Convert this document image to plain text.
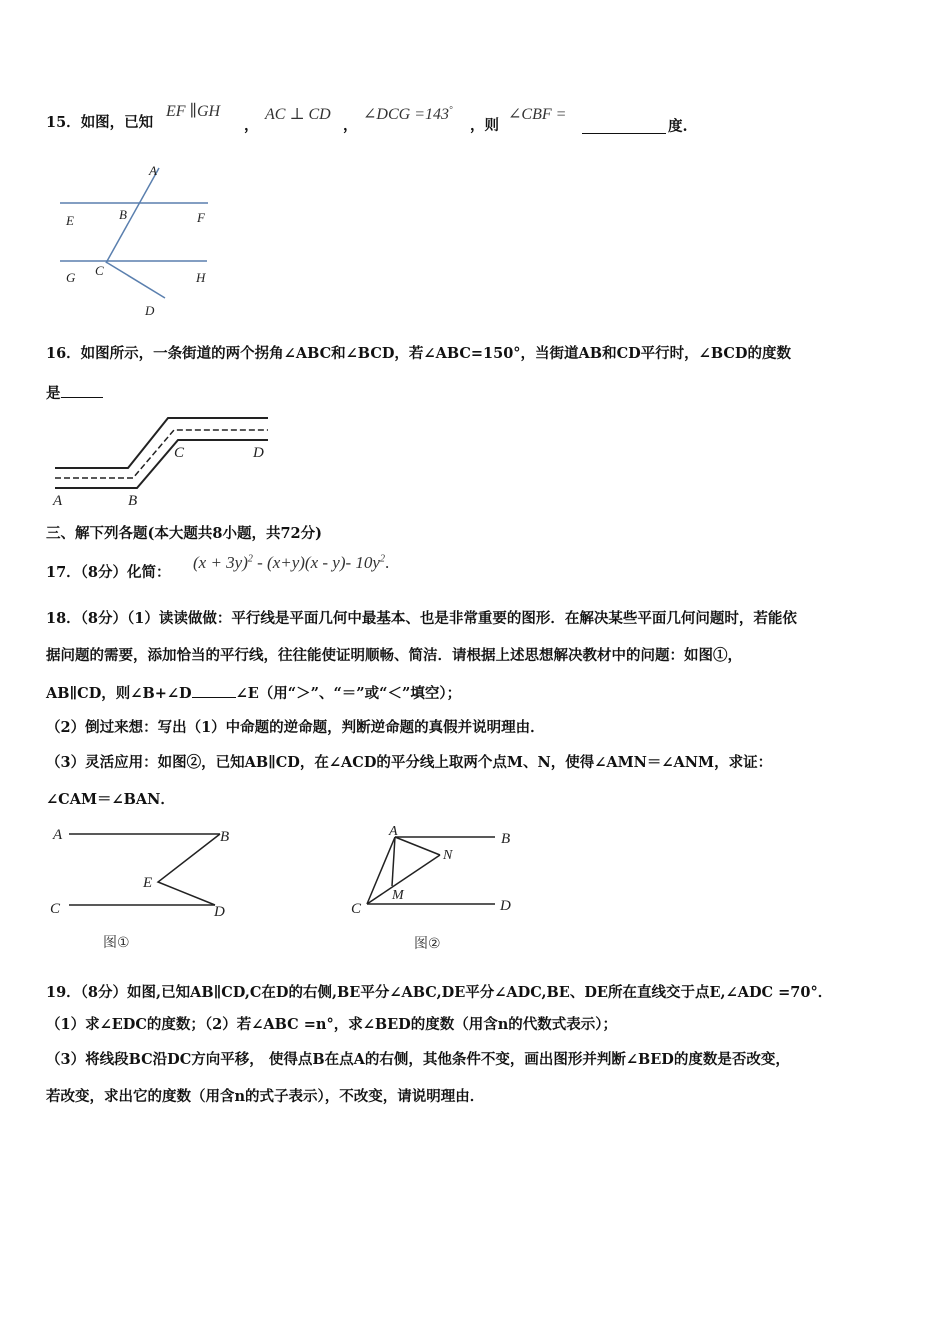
15．如图，已知
EF ∥GH
，
AC ⊥ CD
，
∠DCG =143°
，则
∠CBF =
度.
A
B
C
D
E	F
G	H
16．如图所示，一条街道的两个拐角∠ABC和∠BCD，若∠ABC=150°，当街道AB和CD平行时，∠BCD的度数
是
A	B
C	D
三、解下列各题(本大题共8小题，共72分)
17．（8分）化简：
$(x + 3y)^2 - (x+y)(x - y)-$ $10y^2$.
18．（8分）（1）读读做做：平行线是平面几何中最基本、也是非常重要的图形．在解决某些平面几何问题时，若能依
据问题的需要，添加恰当的平行线，往往能使证明顺畅、简洁．请根据上述思想解决教材中的问题：如图①，
AB∥CD，则∠B+∠D	∠E（用“＞”、“＝”或“＜”填空）；
（2）倒过来想：写出（1）中命题的逆命题，判断逆命题的真假并说明理由．
（3）灵活应用：如图②，已知AB∥CD，在∠ACD的平分线上取两个点M、N，使得∠AMN＝∠ANM，求证：
∠CAM＝∠BAN．
A	B
C	D
E
图①
A	B
C	D
M
N
图②
19．（8分）如图,已知AB∥CD,C在D的右侧,BE平分∠ABC,DE平分∠ADC,BE、DE所在直线交于点E,∠ADC =70°．
（1）求∠EDC的度数；（2）若∠ABC =n°，求∠BED的度数（用含n的代数式表示）；
（3）将线段BC沿DC方向平移， 使得点B在点A的右侧，其他条件不变，画出图形并判断∠BED的度数是否改变，
若改变，求出它的度数（用含n的式子表示），不改变，请说明理由．
